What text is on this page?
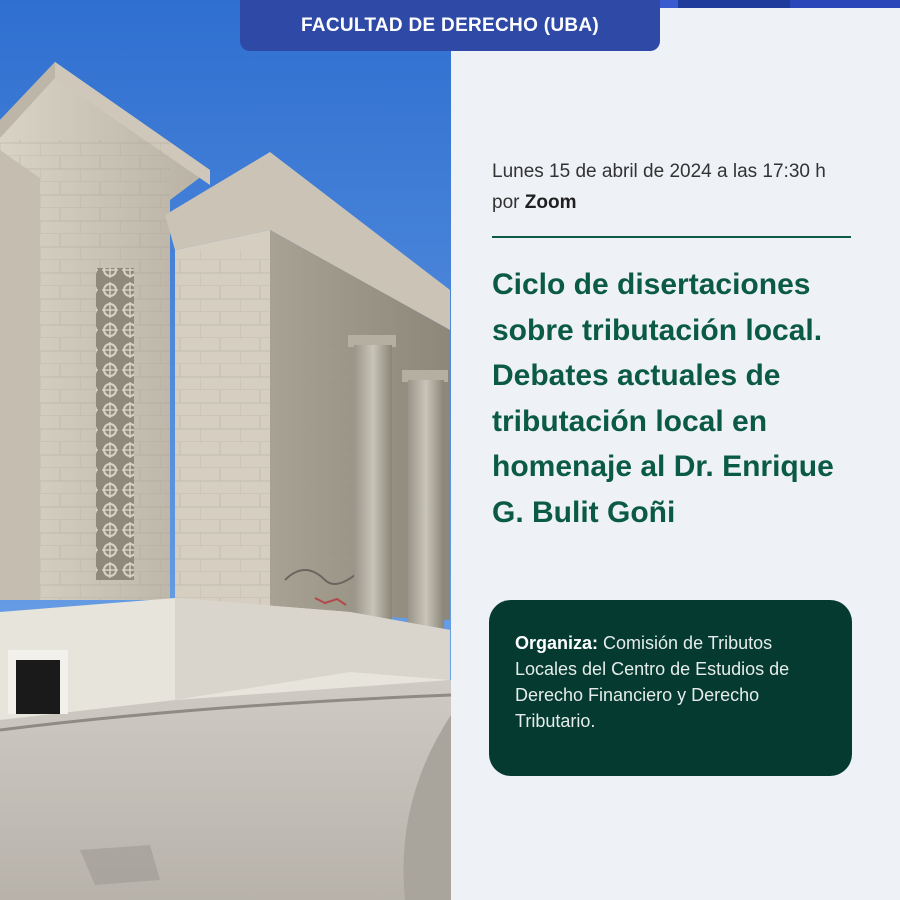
FACULTAD DE DERECHO (UBA)
Lunes 15 de abril de 2024 a las 17:30 h
por Zoom
Ciclo de disertaciones sobre tributación local. Debates actuales de tributación local en homenaje al Dr. Enrique G. Bulit Goñi
Organiza: Comisión de Tributos Locales del Centro de Estudios de Derecho Financiero y Derecho Tributario.
